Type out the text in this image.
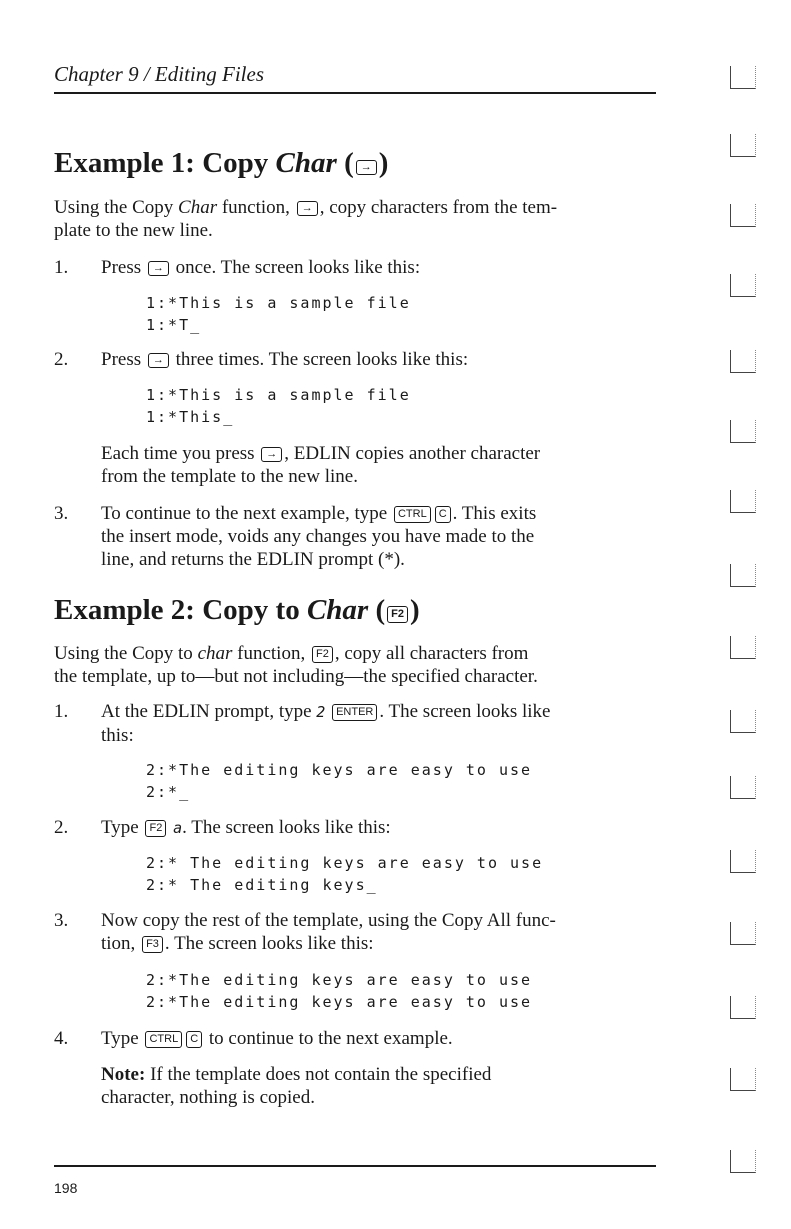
Chapter 9 / Editing Files
Example 1: Copy Char ( → )

Using the Copy Char function, → , copy characters from the tem-
plate to the new line.

1. Press → once. The screen looks like this:
1:*This is a sample file
1:*T_
2. Press → three times. The screen looks like this:
1:*This is a sample file
1:*This_
Each time you press → , EDLIN copies another character
from the template to the new line.
3. To continue to the next example, type CTRL C . This exits
the insert mode, voids any changes you have made to the
line, and returns the EDLIN prompt (*).
Example 2: Copy to Char ( F2 )

Using the Copy to char function, F2 , copy all characters from
the template, up to—but not including—the specified character.

1. At the EDLIN prompt, type 2 ENTER . The screen looks like
this:
2:*The editing keys are easy to use
2:*_
2. Type F2 a. The screen looks like this:
2:* The editing keys are easy to use
2:* The editing keys_
3. Now copy the rest of the template, using the Copy All func-
tion, F3 . The screen looks like this:
2:*The editing keys are easy to use
2:*The editing keys are easy to use
4. Type CTRL C to continue to the next example.
Note: If the template does not contain the specified
character, nothing is copied.
198
